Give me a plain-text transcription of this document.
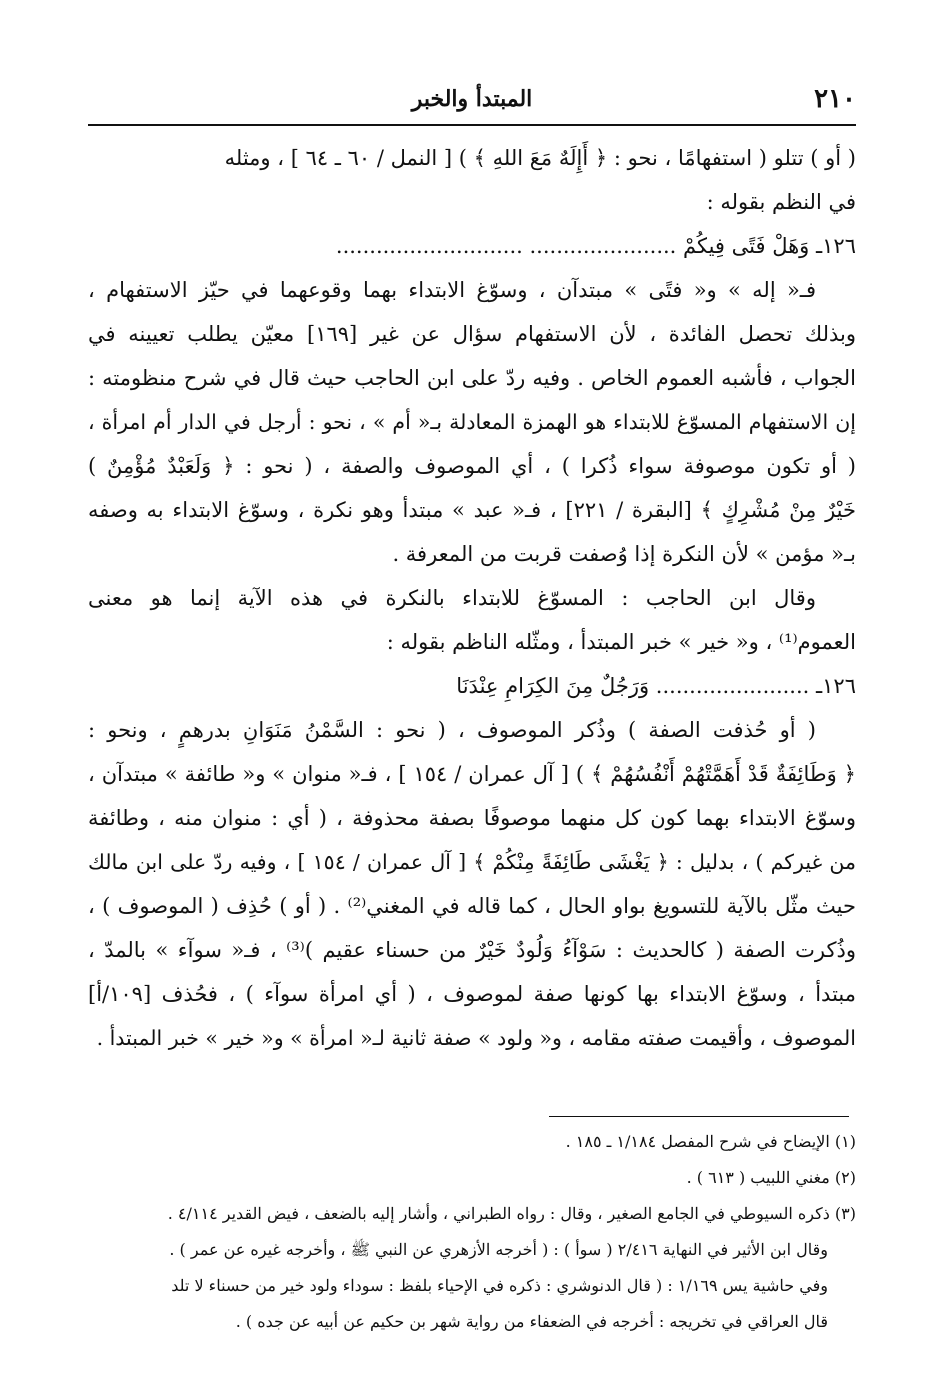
٢١٠
المبتدأ والخبر
( أو ) تتلو ( استفهامًا ، نحو : ﴿ أَإِلَهٌ مَعَ اللهِ ﴾ ) [ النمل / ٦٠ ـ ٦٤ ] ، ومثله
في النظم بقوله :
١٢٦ـ وَهَلْ فَتًى فِيكُمْ ...................... ............................
فـ« إله » و« فتًى » مبتدآن ، وسوّغ الابتداء بهما وقوعهما في حيّز الاستفهام ،
وبذلك تحصل الفائدة ، لأن الاستفهام سؤال عن غير [١٦٩] معيّن يطلب تعيينه في
الجواب ، فأشبه العموم الخاص . وفيه ردّ على ابن الحاجب حيث قال في شرح منظومته :
إن الاستفهام المسوّغ للابتداء هو الهمزة المعادلة بـ« أم » ، نحو : أرجل في الدار أم امرأة ،
( أو تكون موصوفة سواء ذُكرا ) ، أي الموصوف والصفة ، ( نحو : ﴿ وَلَعَبْدٌ مُؤْمِنٌ )
خَيْرٌ مِنْ مُشْرِكٍ ﴾ [البقرة / ٢٢١] ، فـ« عبد » مبتدأ وهو نكرة ، وسوّغ الابتداء به وصفه
بـ« مؤمن » لأن النكرة إذا وُصفت قربت من المعرفة .
وقال ابن الحاجب : المسوّغ للابتداء بالنكرة في هذه الآية إنما هو معنى
العموم⁽¹⁾ ، و« خير » خبر المبتدأ ، ومثّله الناظم بقوله :
١٢٦ـ ....................... وَرَجُلٌ مِنَ الكِرَامِ عِنْدَنَا
( أو حُذفت الصفة ) وذُكر الموصوف ، ( نحو : السَّمْنُ مَنَوَانِ بدرهمٍ ، ونحو :
﴿ وَطَائِفَةٌ قَدْ أَهَمَّتْهُمْ أَنْفُسُهُمْ ﴾ ) [ آل عمران / ١٥٤ ] ، فـ« منوان » و« طائفة » مبتدآن ،
وسوّغ الابتداء بهما كون كل منهما موصوفًا بصفة محذوفة ، ( أي : منوان منه ، وطائفة
من غيركم ) ، بدليل : ﴿ يَغْشَى طَائِفَةً مِنْكُمْ ﴾ [ آل عمران / ١٥٤ ] ، وفيه ردّ على ابن مالك
حيث مثّل بالآية للتسويغ بواو الحال ، كما قاله في المغني⁽²⁾ . ( أو ) حُذِف ( الموصوف ) ،
وذُكرت الصفة ( كالحديث : سَوْآءُ وَلُودٌ خَيْرٌ من حسناء عقيم )⁽³⁾ ، فـ« سوآء » بالمدّ ،
مبتدأ ، وسوّغ الابتداء بها كونها صفة لموصوف ، ( أي امرأة سوآء ) ، فحُذف [١٠٩/أ]
الموصوف ، وأقيمت صفته مقامه ، و« ولود » صفة ثانية لـ« امرأة » و« خير » خبر المبتدأ .
(١) الإيضاح في شرح المفصل ١/١٨٤ ـ ١٨٥ .
(٢) مغني اللبيب ( ٦١٣ ) .
(٣) ذكره السيوطي في الجامع الصغير ، وقال : رواه الطبراني ، وأشار إليه بالضعف ، فيض القدير ٤/١١٤ .
وقال ابن الأثير في النهاية ٢/٤١٦ ( سوأ ) : ( أخرجه الأزهري عن النبي ﷺ ، وأخرجه غيره عن عمر ) .
وفي حاشية يس ١/١٦٩ : ( قال الدنوشري : ذكره في الإحياء بلفظ : سوداء ولود خير من حسناء لا تلد
قال العراقي في تخريجه : أخرجه في الضعفاء من رواية شهر بن حكيم عن أبيه عن جده ) .
